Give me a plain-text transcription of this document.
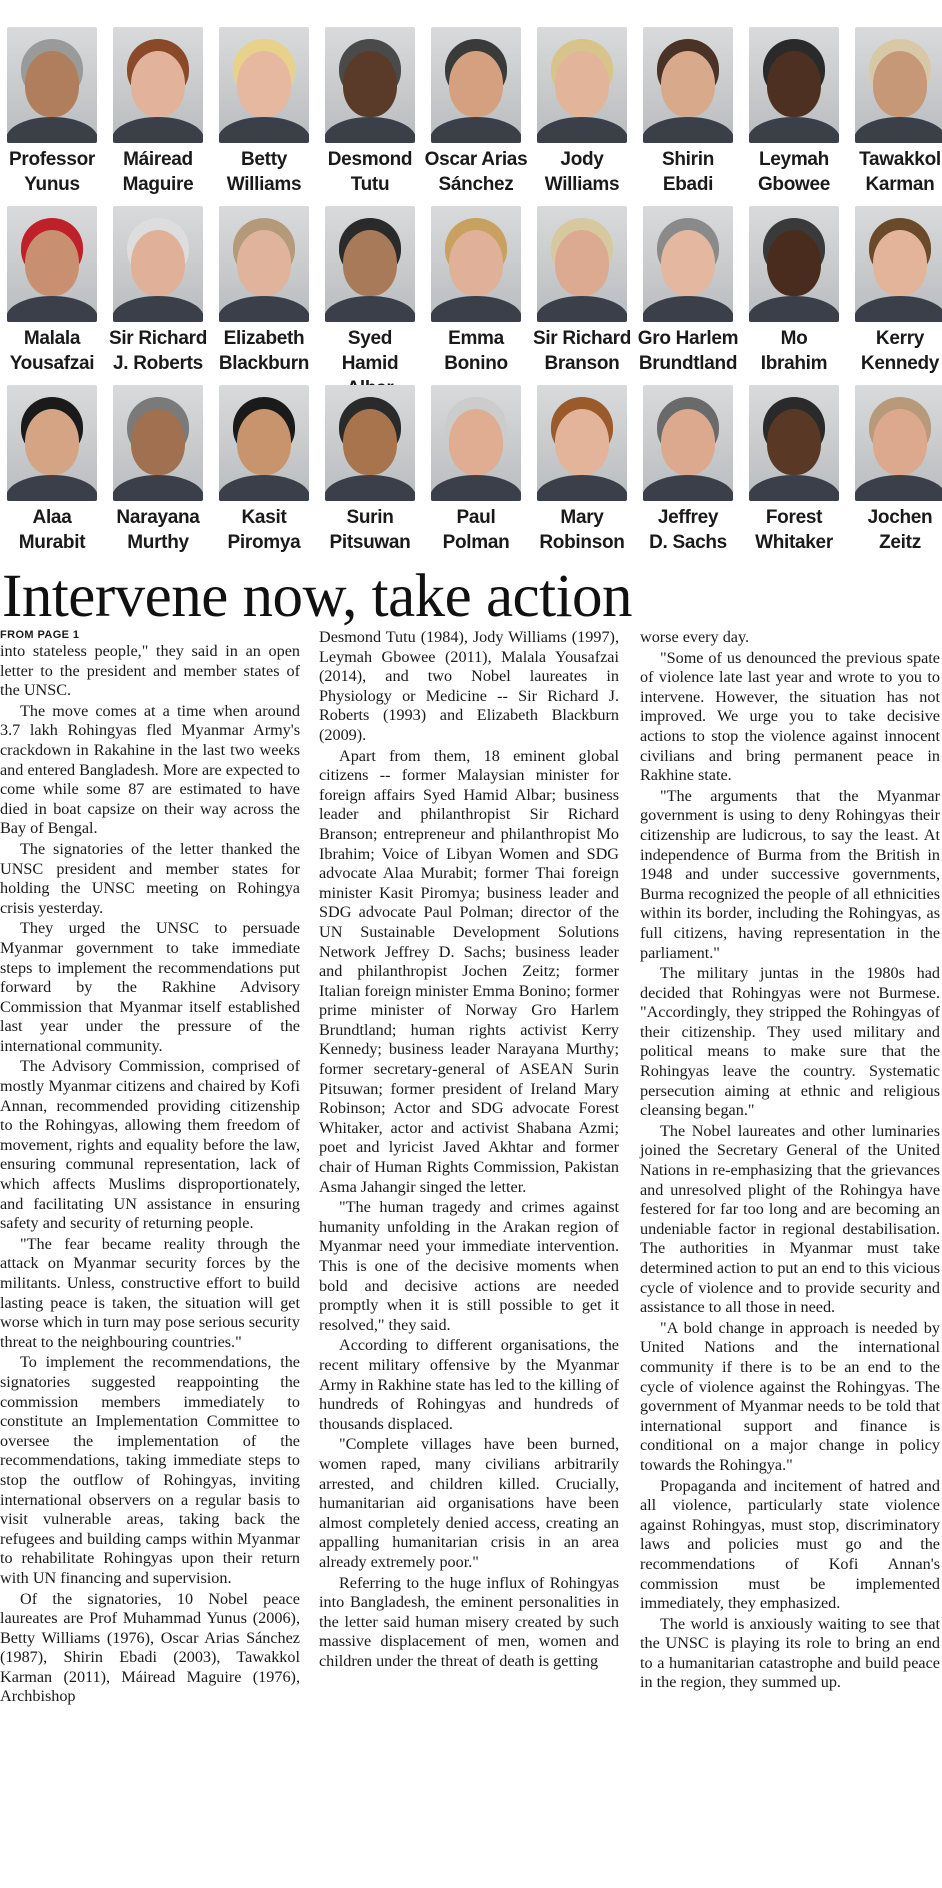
Professor
Yunus
Máiread
Maguire
Betty
Williams
Desmond
Tutu
Oscar Arias
Sánchez
Jody
Williams
Shirin
Ebadi
Leymah
Gbowee
Tawakkol
Karman
Malala
Yousafzai
Sir Richard
J. Roberts
Elizabeth
Blackburn
Syed Hamid
Emma
Bonino
Sir Richard
Branson
Gro Harlem
Brundtland
Mo
Ibrahim
Kerry
Kennedy
Alaa
Murabit
Narayana
Murthy
Kasit
Piromya
Surin
Pitsuwan
Paul
Polman
Mary
Robinson
Jeffrey
D. Sachs
Forest
Whitaker
Jochen
Zeitz
Intervene now, take action
FROM PAGE 1

into stateless people," they said in an open letter to the president and member states of the UNSC.

The move comes at a time when around 3.7 lakh Rohingyas fled Myanmar Army's crackdown in Rakahine in the last two weeks and entered Bangladesh. More are expected to come while some 87 are estimated to have died in boat capsize on their way across the Bay of Bengal.

The signatories of the letter thanked the UNSC president and member states for holding the UNSC meeting on Rohingya crisis yesterday.

They urged the UNSC to persuade Myanmar government to take immediate steps to implement the recommendations put forward by the Rakhine Advisory Commission that Myanmar itself established last year under the pressure of the international community.

The Advisory Commission, comprised of mostly Myanmar citizens and chaired by Kofi Annan, recommended providing citizenship to the Rohingyas, allowing them freedom of movement, rights and equality before the law, ensuring communal representation, lack of which affects Muslims disproportionately, and facilitating UN assistance in ensuring safety and security of returning people.

"The fear became reality through the attack on Myanmar security forces by the militants. Unless, constructive effort to build lasting peace is taken, the situation will get worse which in turn may pose serious security threat to the neighbouring countries."

To implement the recommendations, the signatories suggested reappointing the commission members immediately to constitute an Implementation Committee to oversee the implementation of the recommendations, taking immediate steps to stop the outflow of Rohingyas, inviting international observers on a regular basis to visit vulnerable areas, taking back the refugees and building camps within Myanmar to rehabilitate Rohingyas upon their return with UN financing and supervision.

Of the signatories, 10 Nobel peace laureates are Prof Muhammad Yunus (2006), Betty Williams (1976), Oscar Arias Sánchez (1987), Shirin Ebadi (2003), Tawakkol Karman (2011), Máiread Maguire (1976), Archbishop

Desmond Tutu (1984), Jody Williams (1997), Leymah Gbowee (2011), Malala Yousafzai (2014), and two Nobel laureates in Physiology or Medicine -- Sir Richard J. Roberts (1993) and Elizabeth Blackburn (2009).

Apart from them, 18 eminent global citizens -- former Malaysian minister for foreign affairs Syed Hamid Albar; business leader and philanthropist Sir Richard Branson; entrepreneur and philanthropist Mo Ibrahim; Voice of Libyan Women and SDG advocate Alaa Murabit; former Thai foreign minister Kasit Piromya; business leader and SDG advocate Paul Polman; director of the UN Sustainable Development Solutions Network Jeffrey D. Sachs; business leader and philanthropist Jochen Zeitz; former Italian foreign minister Emma Bonino; former prime minister of Norway Gro Harlem Brundtland; human rights activist Kerry Kennedy; business leader Narayana Murthy; former secretary-general of ASEAN Surin Pitsuwan; former president of Ireland Mary Robinson; Actor and SDG advocate Forest Whitaker, actor and activist Shabana Azmi; poet and lyricist Javed Akhtar and former chair of Human Rights Commission, Pakistan Asma Jahangir singed the letter.

"The human tragedy and crimes against humanity unfolding in the Arakan region of Myanmar need your immediate intervention. This is one of the decisive moments when bold and decisive actions are needed promptly when it is still possible to get it resolved," they said.

According to different organisations, the recent military offensive by the Myanmar Army in Rakhine state has led to the killing of hundreds of Rohingyas and hundreds of thousands displaced.

"Complete villages have been burned, women raped, many civilians arbitrarily arrested, and children killed. Crucially, humanitarian aid organisations have been almost completely denied access, creating an appalling humanitarian crisis in an area already extremely poor."

Referring to the huge influx of Rohingyas into Bangladesh, the eminent personalities in the letter said human misery created by such massive displacement of men, women and children under the threat of death is getting

worse every day.

"Some of us denounced the previous spate of violence late last year and wrote to you to intervene. However, the situation has not improved. We urge you to take decisive actions to stop the violence against innocent civilians and bring permanent peace in Rakhine state.

"The arguments that the Myanmar government is using to deny Rohingyas their citizenship are ludicrous, to say the least. At independence of Burma from the British in 1948 and under successive governments, Burma recognized the people of all ethnicities within its border, including the Rohingyas, as full citizens, having representation in the parliament."

The military juntas in the 1980s had decided that Rohingyas were not Burmese. "Accordingly, they stripped the Rohingyas of their citizenship. They used military and political means to make sure that the Rohingyas leave the country. Systematic persecution aiming at ethnic and religious cleansing began."

The Nobel laureates and other luminaries joined the Secretary General of the United Nations in re-emphasizing that the grievances and unresolved plight of the Rohingya have festered for far too long and are becoming an undeniable factor in regional destabilisation. The authorities in Myanmar must take determined action to put an end to this vicious cycle of violence and to provide security and assistance to all those in need.

"A bold change in approach is needed by United Nations and the international community if there is to be an end to the cycle of violence against the Rohingyas. The government of Myanmar needs to be told that international support and finance is conditional on a major change in policy towards the Rohingya."

Propaganda and incitement of hatred and all violence, particularly state violence against Rohingyas, must stop, discriminatory laws and policies must go and the recommendations of Kofi Annan's commission must be implemented immediately, they emphasized.

The world is anxiously waiting to see that the UNSC is playing its role to bring an end to a humanitarian catastrophe and build peace in the region, they summed up.
